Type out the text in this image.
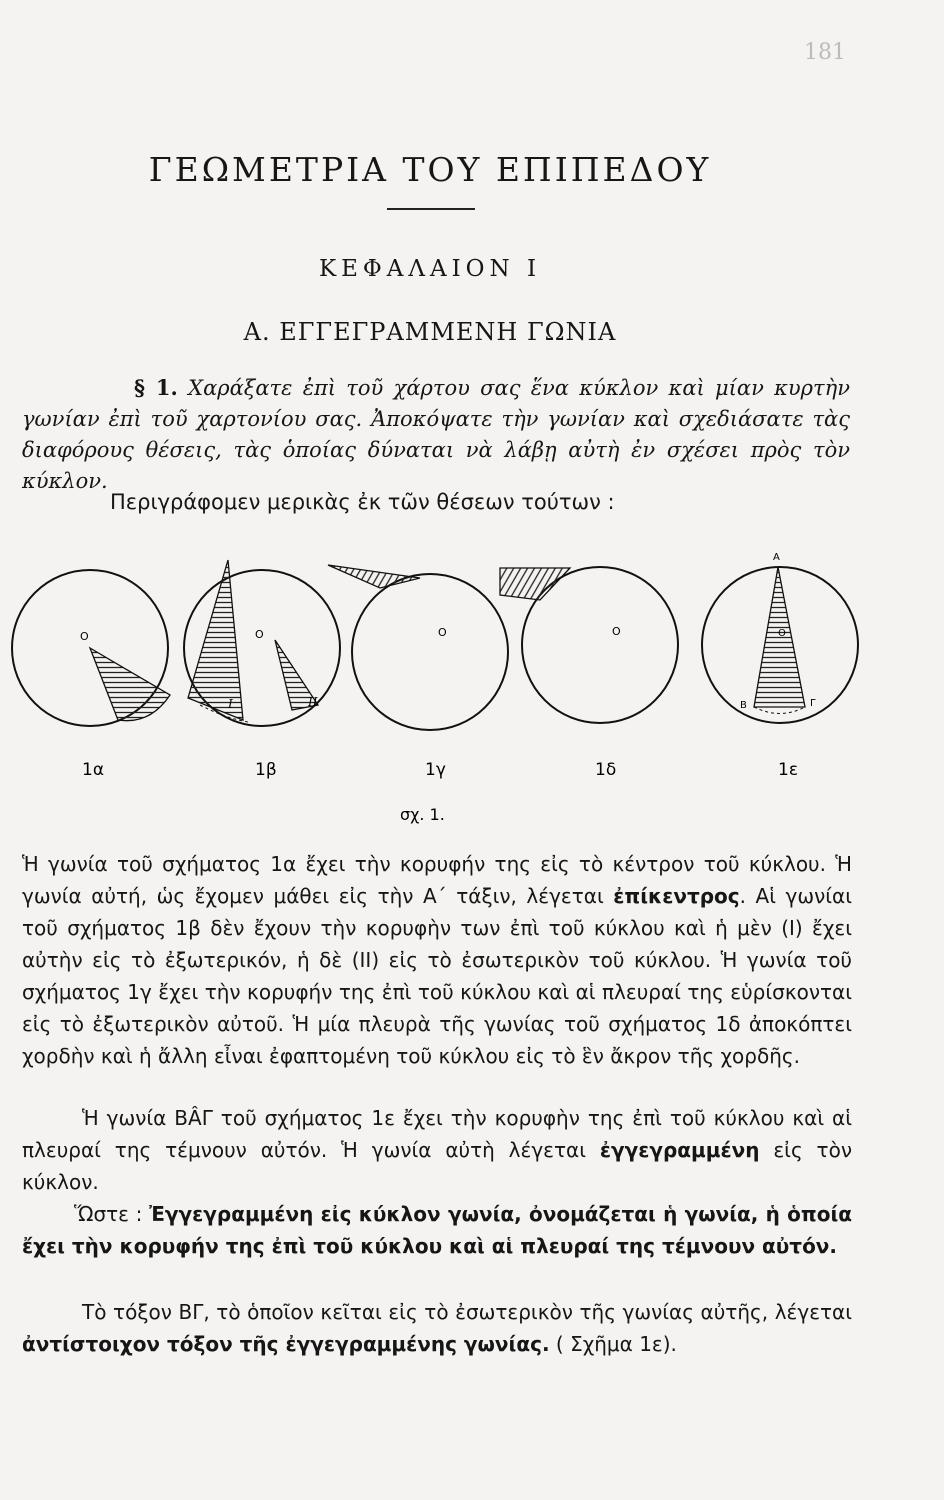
181
ΓΕΩΜΕΤΡΙΑ ΤΟΥ ΕΠΙΠΕΔΟΥ
ΚΕΦΑΛΑΙΟΝ Ι
Α. ΕΓΓΕΓΡΑΜΜΕΝΗ ΓΩΝΙΑ
§ 1. Χαράξατε ἐπὶ τοῦ χάρτου σας ἕνα κύκλον καὶ μίαν κυρτὴν γωνίαν ἐπὶ τοῦ χαρτονίου σας. Ἀποκόψατε τὴν γωνίαν καὶ σχεδιάσατε τὰς διαφόρους θέσεις, τὰς ὁποίας δύναται νὰ λάβῃ αὐτὴ ἐν σχέσει πρὸς τὸν κύκλον.
Περιγράφομεν μερικὰς ἐκ τῶν θέσεων τούτων :
O	O
I	II
O	O
Α
Β	Γ
O
1α	1β	1γ	1δ	1ε
σχ. 1.
Ἡ γωνία τοῦ σχήματος 1α ἔχει τὴν κορυφήν της εἰς τὸ κέντρον τοῦ κύκλου. Ἡ γωνία αὐτή, ὡς ἔχομεν μάθει εἰς τὴν Α΄ τάξιν, λέγεται ἐπίκεντρος. Αἱ γωνίαι τοῦ σχήματος 1β δὲν ἔχουν τὴν κορυφὴν των ἐπὶ τοῦ κύκλου καὶ ἡ μὲν (Ι) ἔχει αὐτὴν εἰς τὸ ἐξωτερικόν, ἡ δὲ (ΙΙ) εἰς τὸ ἐσωτερικὸν τοῦ κύκλου. Ἡ γωνία τοῦ σχήματος 1γ ἔχει τὴν κορυφήν της ἐπὶ τοῦ κύκλου καὶ αἱ πλευραί της εὑρίσκονται εἰς τὸ ἐξωτερικὸν αὐτοῦ. Ἡ μία πλευρὰ τῆς γωνίας τοῦ σχήματος 1δ ἀποκόπτει χορδὴν καὶ ἡ ἄλλη εἶναι ἐφαπτομένη τοῦ κύκλου εἰς τὸ ἓν ἄκρον τῆς χορδῆς.
Ἡ γωνία ΒÂΓ τοῦ σχήματος 1ε ἔχει τὴν κορυφὴν της ἐπὶ τοῦ κύκλου καὶ αἱ πλευραί της τέμνουν αὐτόν. Ἡ γωνία αὐτὴ λέγεται ἐγγεγραμμένη εἰς τὸν κύκλον.
Ὥστε : Ἐγγεγραμμένη εἰς κύκλον γωνία, ὀνομάζεται ἡ γωνία, ἡ ὁποία ἔχει τὴν κορυφήν της ἐπὶ τοῦ κύκλου καὶ αἱ πλευραί της τέμνουν αὐτόν.
Τὸ τόξον ΒΓ, τὸ ὁποῖον κεῖται εἰς τὸ ἐσωτερικὸν τῆς γωνίας αὐτῆς, λέγεται ἀντίστοιχον τόξον τῆς ἐγγεγραμμένης γωνίας. ( Σχῆμα 1ε).
